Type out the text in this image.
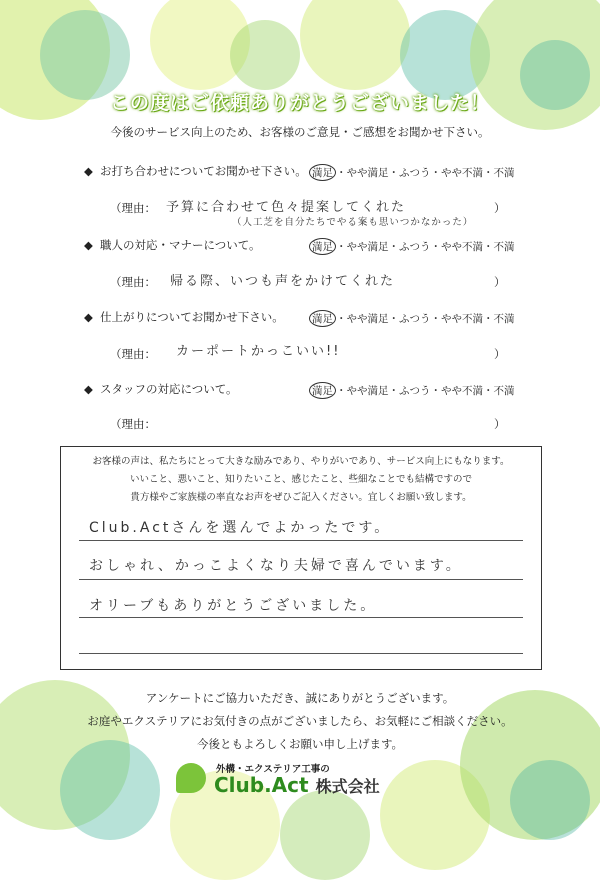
この度はご依頼ありがとうございました！
今後のサービス向上のため、お客様のご意見・ご感想をお聞かせ下さい。
◆ お打ち合わせについてお聞かせ下さい。 満足 ・やや満足・ふつう・やや不満・不満
（理由： 予算に合わせて色々提案してくれた
（人工芝を自分たちでやる案も思いつかなかった）
）
◆ 職人の対応・マナーについて。	満足 ・やや満足・ふつう・やや不満・不満
（理由： 帰る際、いつも声をかけてくれた	）
◆ 仕上がりについてお聞かせ下さい。	満足 ・やや満足・ふつう・やや不満・不満
（理由： カーポートかっこいい!!	）
◆ スタッフの対応について。	満足 ・やや満足・ふつう・やや不満・不満
（理由：	）
お客様の声は、私たちにとって大きな励みであり、やりがいであり、サービス向上にもなります。
いいこと、悪いこと、知りたいこと、感じたこと、些細なことでも結構ですので
貴方様やご家族様の率直なお声をぜひご記入ください。宜しくお願い致します。
Club.Actさんを選んでよかったです。
おしゃれ、かっこよくなり夫婦で喜んでいます。
オリーブもありがとうございました。
アンケートにご協力いただき、誠にありがとうございます。
お庭やエクステリアにお気付きの点がございましたら、お気軽にご相談ください。
今後ともよろしくお願い申し上げます。
外構・エクステリア工事の
Club.Act 株式会社
